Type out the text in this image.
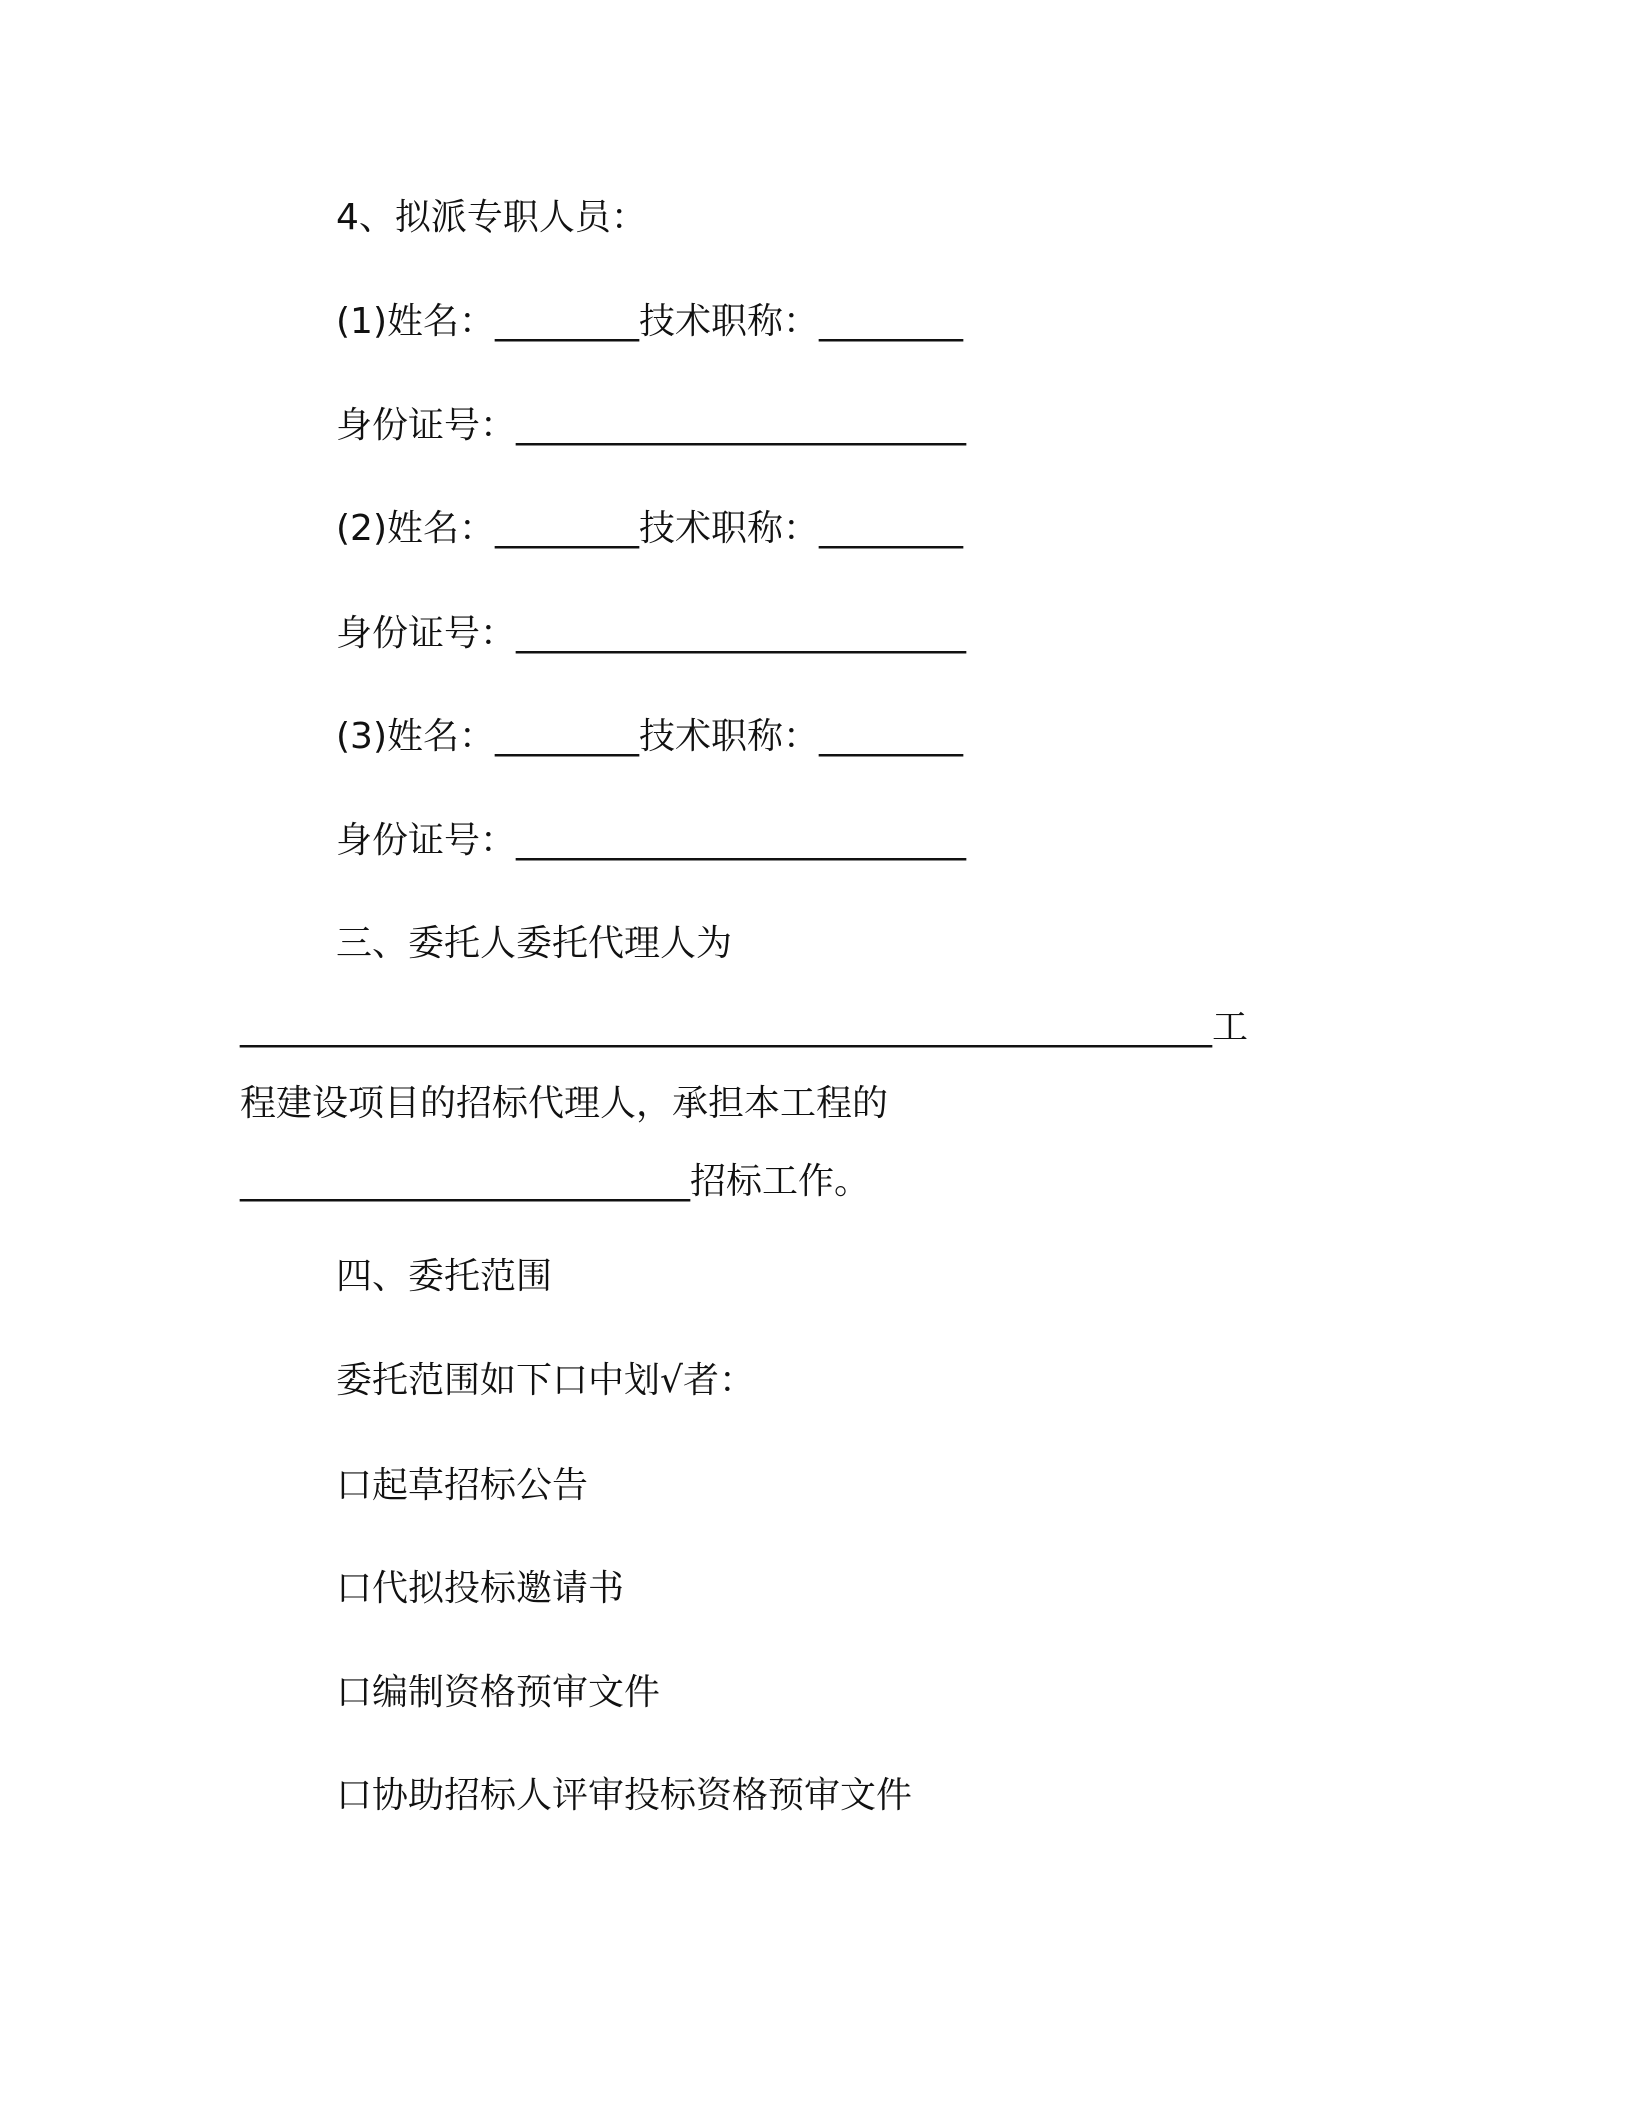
4、拟派专职人员：

(1)姓名：________技术职称：________

身份证号：_________________________

(2)姓名：________技术职称：________

身份证号：_________________________

(3)姓名：________技术职称：________

身份证号：_________________________

三、委托人委托代理人为

______________________________________________________工

程建设项目的招标代理人，承担本工程的

_________________________招标工作。

四、委托范围

委托范围如下口中划√者：

口起草招标公告

口代拟投标邀请书

口编制资格预审文件

口协助招标人评审投标资格预审文件
